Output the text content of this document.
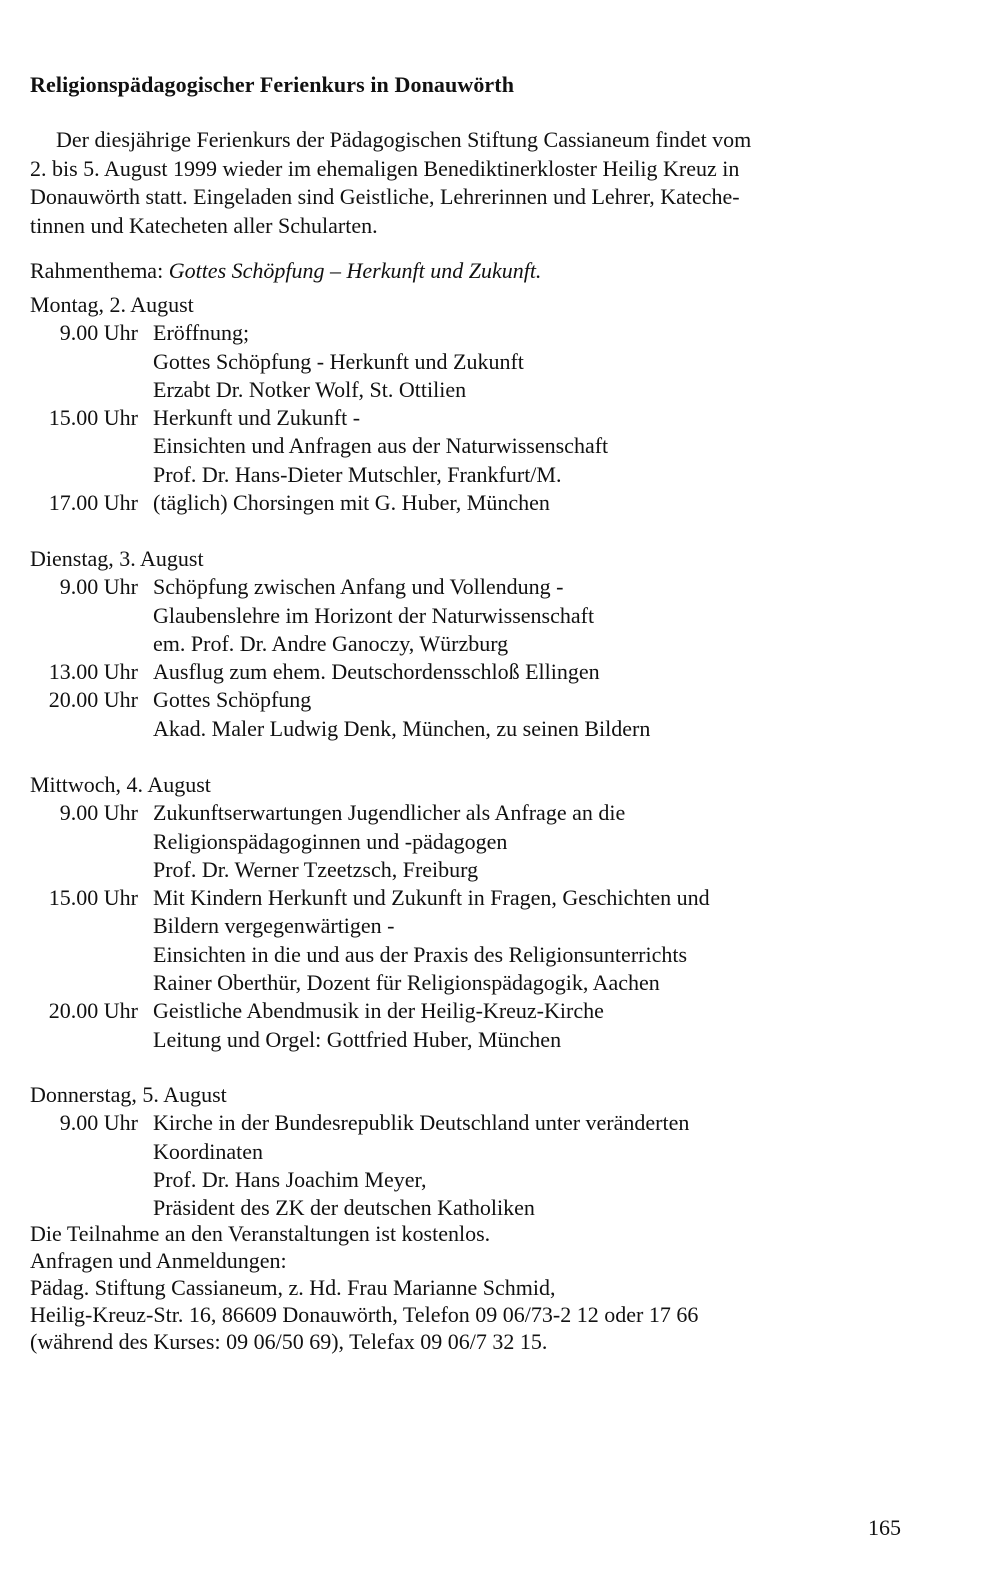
Religionspädagogischer Ferienkurs in Donauwörth
Der diesjährige Ferienkurs der Pädagogischen Stiftung Cassianeum findet vom
2. bis 5. August 1999 wieder im ehemaligen Benediktinerkloster Heilig Kreuz in
Donauwörth statt. Eingeladen sind Geistliche, Lehrerinnen und Lehrer, Kateche-
tinnen und Katecheten aller Schularten.
Rahmenthema: Gottes Schöpfung – Herkunft und Zukunft.
Montag, 2. August
9.00 Uhr Eröffnung;
Gottes Schöpfung - Herkunft und Zukunft
Erzabt Dr. Notker Wolf, St. Ottilien
15.00 Uhr Herkunft und Zukunft -
Einsichten und Anfragen aus der Naturwissenschaft
Prof. Dr. Hans-Dieter Mutschler, Frankfurt/M.
17.00 Uhr (täglich) Chorsingen mit G. Huber, München
Dienstag, 3. August
9.00 Uhr Schöpfung zwischen Anfang und Vollendung -
Glaubenslehre im Horizont der Naturwissenschaft
em. Prof. Dr. Andre Ganoczy, Würzburg
13.00 Uhr Ausflug zum ehem. Deutschordensschloß Ellingen
20.00 Uhr Gottes Schöpfung
Akad. Maler Ludwig Denk, München, zu seinen Bildern
Mittwoch, 4. August
9.00 Uhr Zukunftserwartungen Jugendlicher als Anfrage an die
Religionspädagoginnen und -pädagogen
Prof. Dr. Werner Tzeetzsch, Freiburg
15.00 Uhr Mit Kindern Herkunft und Zukunft in Fragen, Geschichten und
Bildern vergegenwärtigen -
Einsichten in die und aus der Praxis des Religionsunterrichts
Rainer Oberthür, Dozent für Religionspädagogik, Aachen
20.00 Uhr Geistliche Abendmusik in der Heilig-Kreuz-Kirche
Leitung und Orgel: Gottfried Huber, München
Donnerstag, 5. August
9.00 Uhr Kirche in der Bundesrepublik Deutschland unter veränderten
Koordinaten
Prof. Dr. Hans Joachim Meyer,
Präsident des ZK der deutschen Katholiken
Die Teilnahme an den Veranstaltungen ist kostenlos.
Anfragen und Anmeldungen:
Pädag. Stiftung Cassianeum, z. Hd. Frau Marianne Schmid,
Heilig-Kreuz-Str. 16, 86609 Donauwörth, Telefon 09 06/73-2 12 oder 17 66
(während des Kurses: 09 06/50 69), Telefax 09 06/7 32 15.
165
